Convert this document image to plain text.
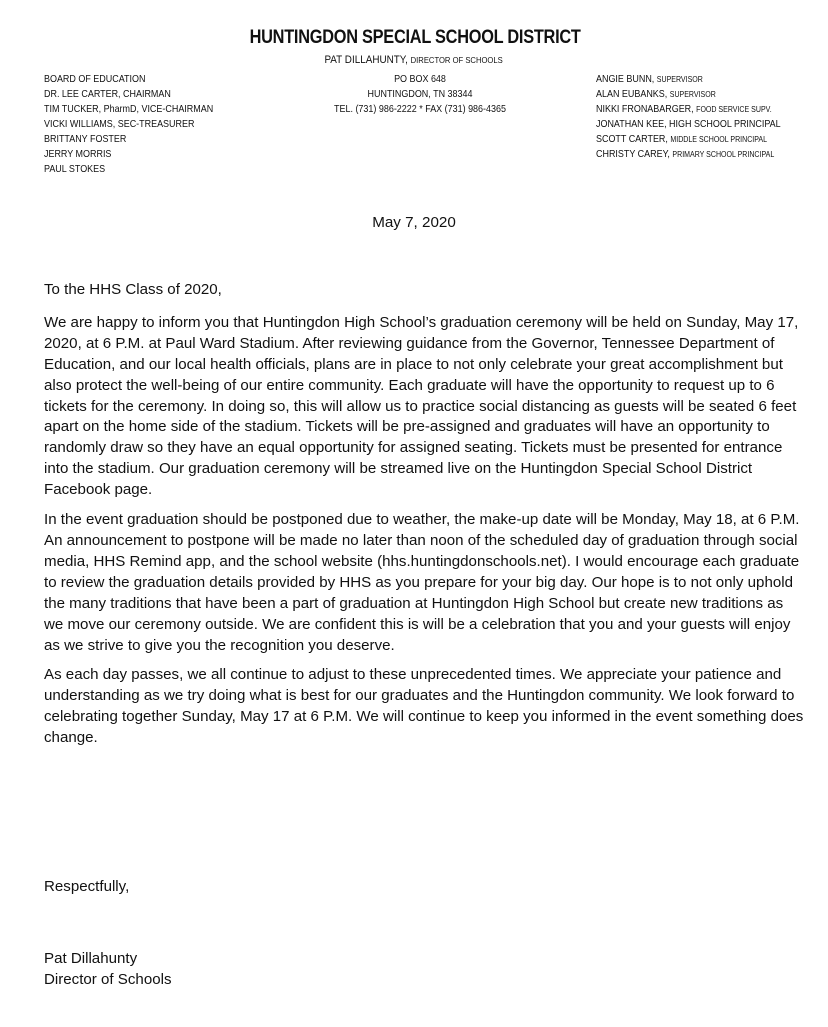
HUNTINGDON SPECIAL SCHOOL DISTRICT
PAT DILLAHUNTY, DIRECTOR OF SCHOOLS
BOARD OF EDUCATION
DR. LEE CARTER, CHAIRMAN
TIM TUCKER, PharmD, VICE-CHAIRMAN
VICKI WILLIAMS, SEC-TREASURER
BRITTANY FOSTER
JERRY MORRIS
PAUL STOKES
PO BOX 648
HUNTINGDON, TN 38344
TEL. (731) 986-2222 * FAX (731) 986-4365
ANGIE BUNN, SUPERVISOR
ALAN EUBANKS, SUPERVISOR
NIKKI FRONABARGER, FOOD SERVICE SUPV.
JONATHAN KEE, HIGH SCHOOL PRINCIPAL
SCOTT CARTER, MIDDLE SCHOOL PRINCIPAL
CHRISTY CAREY, PRIMARY SCHOOL PRINCIPAL
May 7, 2020

To the HHS Class of 2020,

We are happy to inform you that Huntingdon High School’s graduation ceremony will be held on Sunday, May 17, 2020, at 6 P.M. at Paul Ward Stadium. After reviewing guidance from the Governor, Tennessee Department of Education, and our local health officials, plans are in place to not only celebrate your great accomplishment but also protect the well-being of our entire community. Each graduate will have the opportunity to request up to 6 tickets for the ceremony. In doing so, this will allow us to practice social distancing as guests will be seated 6 feet apart on the home side of the stadium. Tickets will be pre-assigned and graduates will have an opportunity to randomly draw so they have an equal opportunity for assigned seating. Tickets must be presented for entrance into the stadium. Our graduation ceremony will be streamed live on the Huntingdon Special School District Facebook page.

In the event graduation should be postponed due to weather, the make-up date will be Monday, May 18, at 6 P.M. An announcement to postpone will be made no later than noon of the scheduled day of graduation through social media, HHS Remind app, and the school website (hhs.huntingdonschools.net). I would encourage each graduate to review the graduation details provided by HHS as you prepare for your big day. Our hope is to not only uphold the many traditions that have been a part of graduation at Huntingdon High School but create new traditions as we move our ceremony outside. We are confident this is will be a celebration that you and your guests will enjoy as we strive to give you the recognition you deserve.

As each day passes, we all continue to adjust to these unprecedented times. We appreciate your patience and understanding as we try doing what is best for our graduates and the Huntingdon community. We look forward to celebrating together Sunday, May 17 at 6 P.M. We will continue to keep you informed in the event something does change.

Respectfully,
Pat Dillahunty
Director of Schools
